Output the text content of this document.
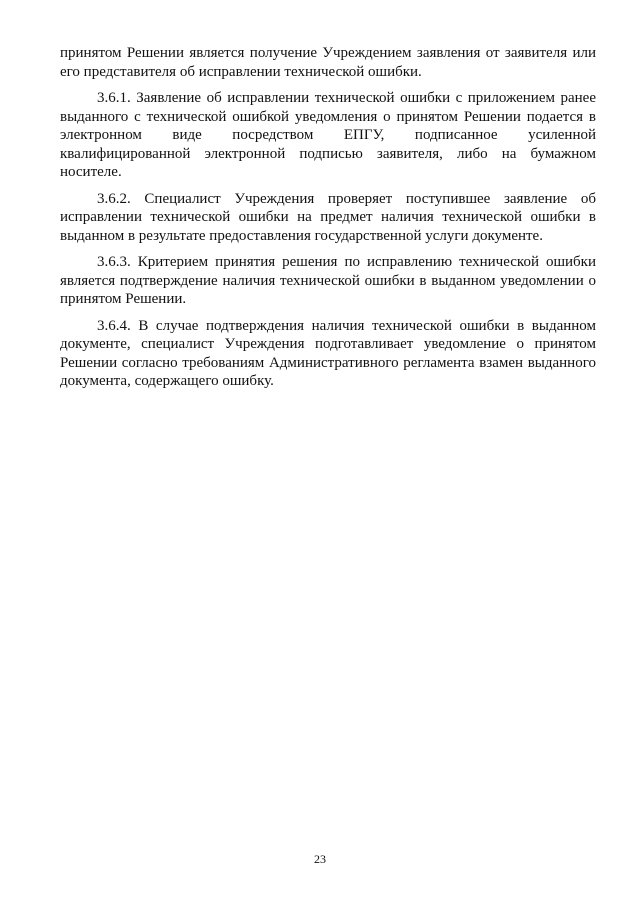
принятом Решении является получение Учреждением заявления от заявителя или его представителя об исправлении технической ошибки.

3.6.1. Заявление об исправлении технической ошибки с приложением ранее выданного с технической ошибкой уведомления о принятом Решении подается в электронном виде посредством ЕПГУ, подписанное усиленной квалифицированной электронной подписью заявителя, либо на бумажном носителе.

3.6.2. Специалист Учреждения проверяет поступившее заявление об исправлении технической ошибки на предмет наличия технической ошибки в выданном в результате предоставления государственной услуги документе.

3.6.3. Критерием принятия решения по исправлению технической ошибки является подтверждение наличия технической ошибки в выданном уведомлении о принятом Решении.

3.6.4. В случае подтверждения наличия технической ошибки в выданном документе, специалист Учреждения подготавливает уведомление о принятом Решении согласно требованиям Административного регламента взамен выданного документа, содержащего ошибку.

23
